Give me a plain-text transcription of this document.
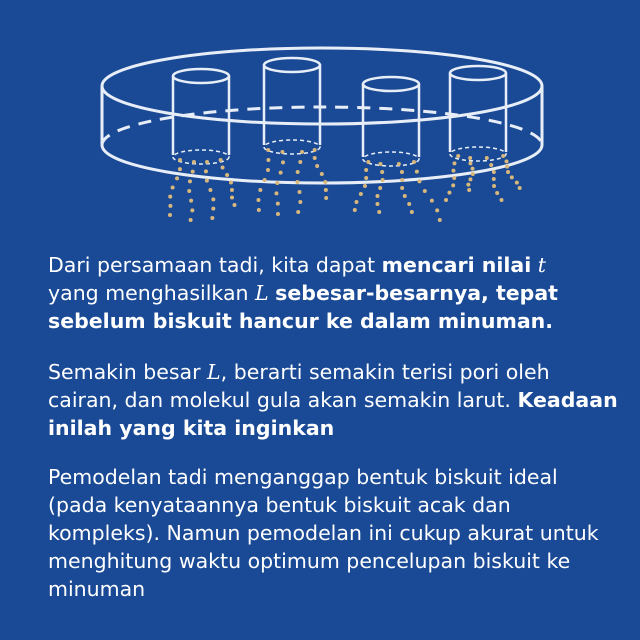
Dari persamaan tadi, kita dapat mencari nilai t
yang menghasilkan L sebesar-besarnya, tepat sebelum biskuit hancur ke dalam minuman.
Semakin besar L, berarti semakin terisi pori oleh cairan, dan molekul gula akan semakin larut. Keadaan inilah yang kita inginkan
Pemodelan tadi menganggap bentuk biskuit ideal (pada kenyataannya bentuk biskuit acak dan kompleks). Namun pemodelan ini cukup akurat untuk menghitung waktu optimum pencelupan biskuit ke minuman
